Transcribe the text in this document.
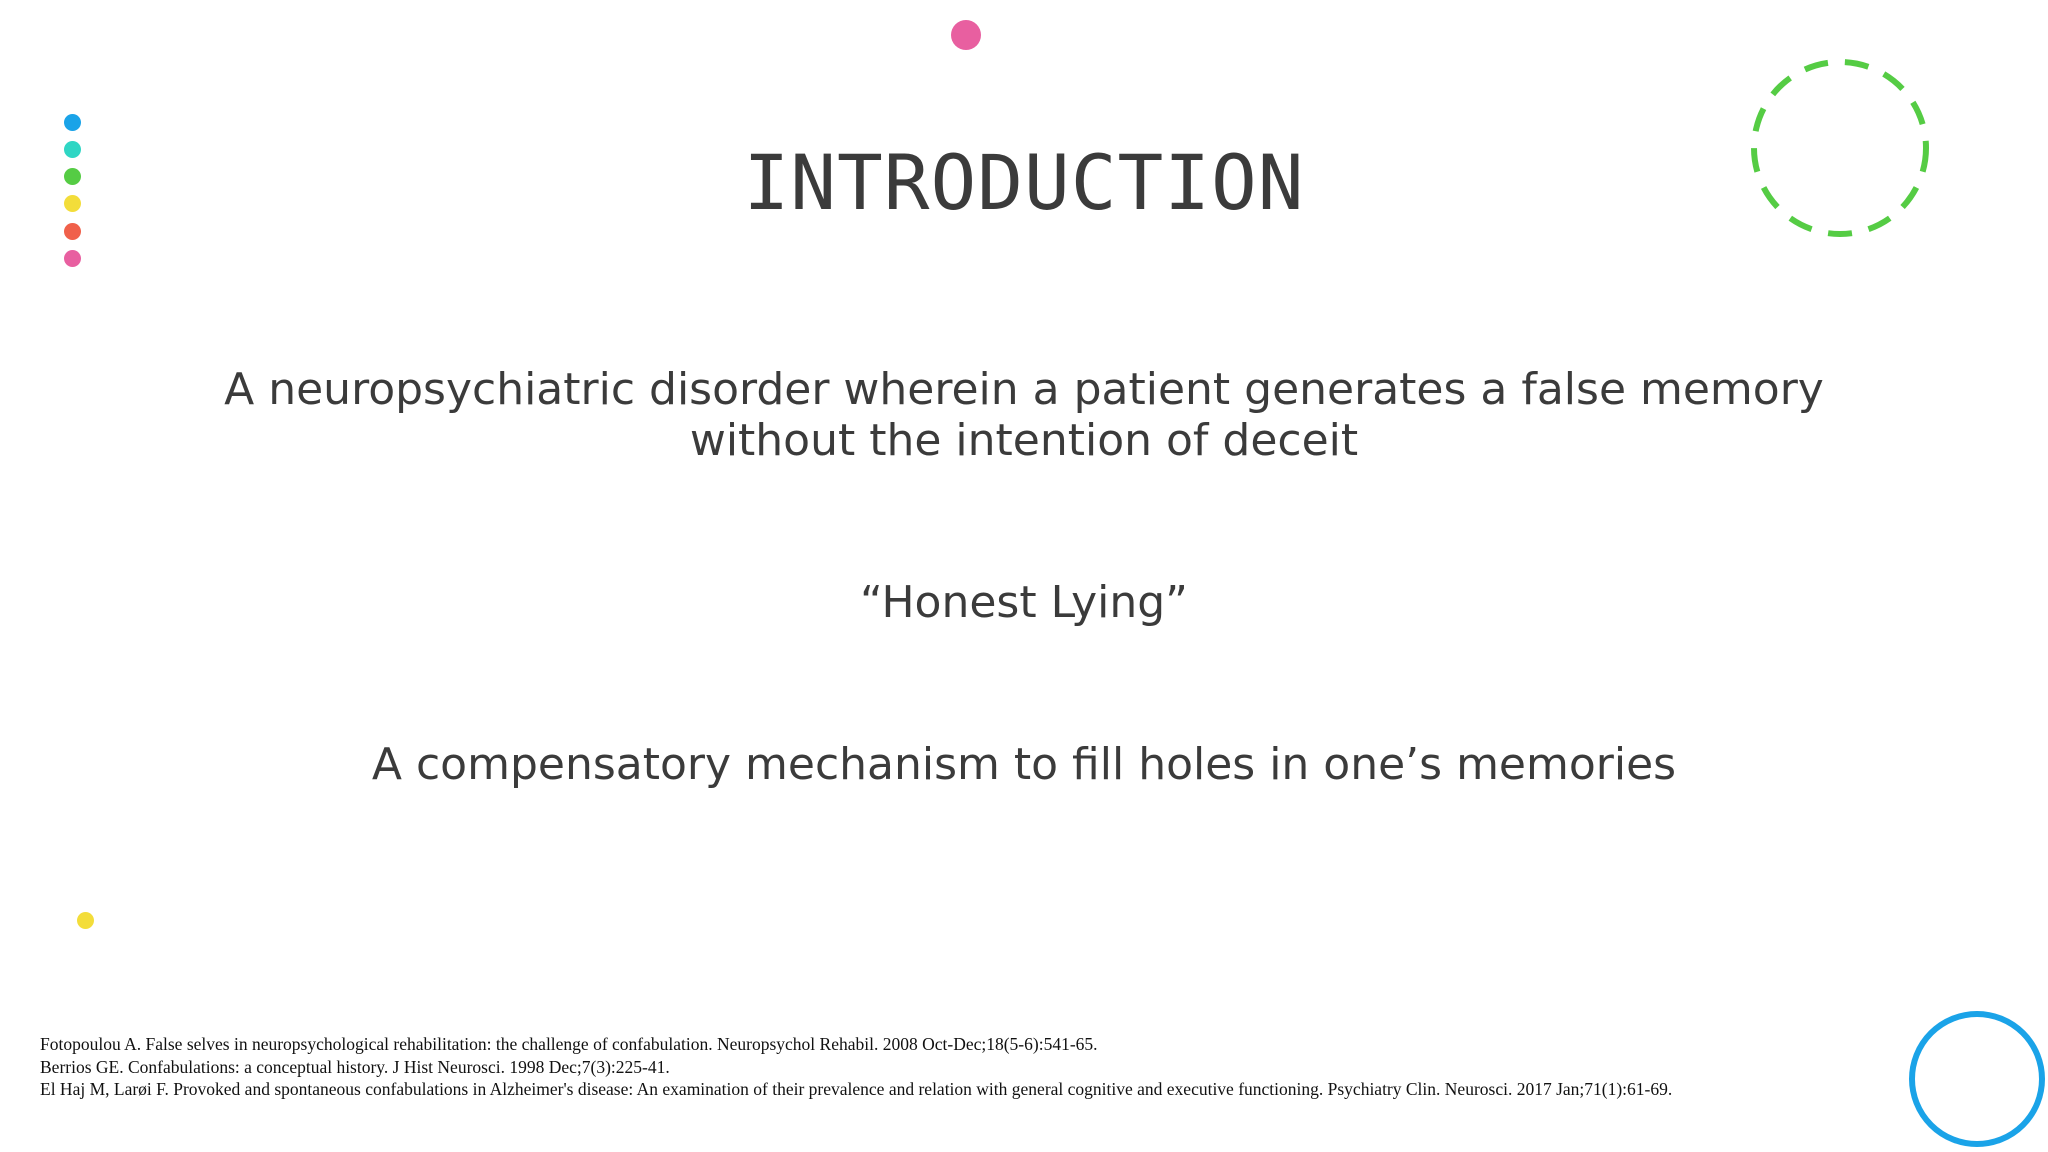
INTRODUCTION

A neuropsychiatric disorder wherein a patient generates a false memory without the intention of deceit

“Honest Lying”

A compensatory mechanism to fill holes in one’s memories

Fotopoulou A. False selves in neuropsychological rehabilitation: the challenge of confabulation. Neuropsychol Rehabil. 2008 Oct-Dec;18(5-6):541-65.
Berrios GE. Confabulations: a conceptual history. J Hist Neurosci. 1998 Dec;7(3):225-41.
El Haj M, Larøi F. Provoked and spontaneous confabulations in Alzheimer's disease: An examination of their prevalence and relation with general cognitive and executive functioning. Psychiatry Clin. Neurosci. 2017 Jan;71(1):61-69.
